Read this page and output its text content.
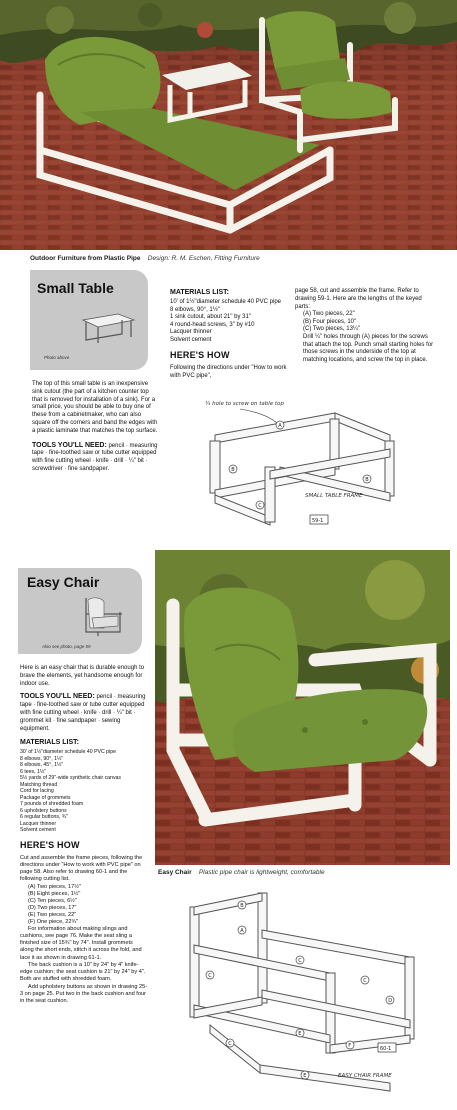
Outdoor Furniture from Plastic Pipe Design: R. M. Eschen, Fitting Furniture
Small Table
Photo above

The top of this small table is an inexpensive sink cutout (the part of a kitchen counter top that is removed for installation of a sink). For a small price, you should be able to buy one of these from a cabinetmaker, who can also square off the corners and band the edges with a plastic laminate that matches the top surface.

TOOLS YOU'LL NEED: pencil · measuring tape · fine-toothed saw or tube cutter equipped with fine cutting wheel · knife · drill · ¼" bit · screwdriver · fine sandpaper.

MATERIALS LIST:
10' of 1½"diameter schedule 40 PVC pipe
8 elbows, 90°, 1½"
1 sink cutout, about 21" by 31"
4 round-head screws, 3" by #10
Lacquer thinner
Solvent cement
HERE'S HOW

Following the directions under "How to work with PVC pipe",

page 58, cut and assemble the frame. Refer to drawing 59-1. Here are the lengths of the keyed parts:

(A) Two pieces, 22"
(B) Four pieces, 10"
(C) Two pieces, 13¼"

Drill ¼" holes through (A) pieces for the screws that attach the top. Punch small starting holes for those screws in the underside of the top at matching locations, and screw the top in place.

A
B
C
B
¼ hole to screw on table top
SMALL TABLE FRAME
59-1
Easy Chair
Also see photo, page 59
Easy Chair Plastic pipe chair is lightweight, comfortable

Here is an easy chair that is durable enough to brave the elements, yet handsome enough for indoor use.

TOOLS YOU'LL NEED: pencil · measuring tape · fine-toothed saw or tube cutter equipped with fine cutting wheel · knife · drill · ¼" bit · grommet kit · fine sandpaper · sewing equipment.

MATERIALS LIST:
30' of 1½"diameter schedule 40 PVC pipe
8 elbows, 90°, 1½"
8 elbows, 45°, 1½"
6 tees, 1½"
5½ yards of 29"-wide synthetic chair canvas
Matching thread
Cord for lacing
Package of grommets
7 pounds of shredded foam
6 upholstery buttons
6 regular buttons, ¾"
Lacquer thinner
Solvent cement
HERE'S HOW

Cut and assemble the frame pieces, following the directions under "How to work with PVC pipe" on page 58. Also refer to drawing 60-1 and the following cutting list.

(A) Two pieces, 17½"
(B) Eight pieces, 1½"
(C) Ten pieces, 6½"
(D) Two pieces, 17"
(E) Two pieces, 22"
(F) One piece, 22¾"

For information about making slings and cushions, see page 76. Make the seat sling a finished size of 15¾" by 74". Install grommets along the short ends, stitch it across the fold, and lace it as shown in drawing 61-1.

The back cushion is a 10" by 24" by 4" knife-edge cushion; the seat cushion is 21" by 24" by 4". Both are stuffed with shredded foam.

Add upholstery buttons as shown in drawing 25-3 on page 25. Put two in the back cushion and four in the seat cushion.

A
B
C
E
C
D
E
C	F
C
EASY CHAIR FRAME
60-1
